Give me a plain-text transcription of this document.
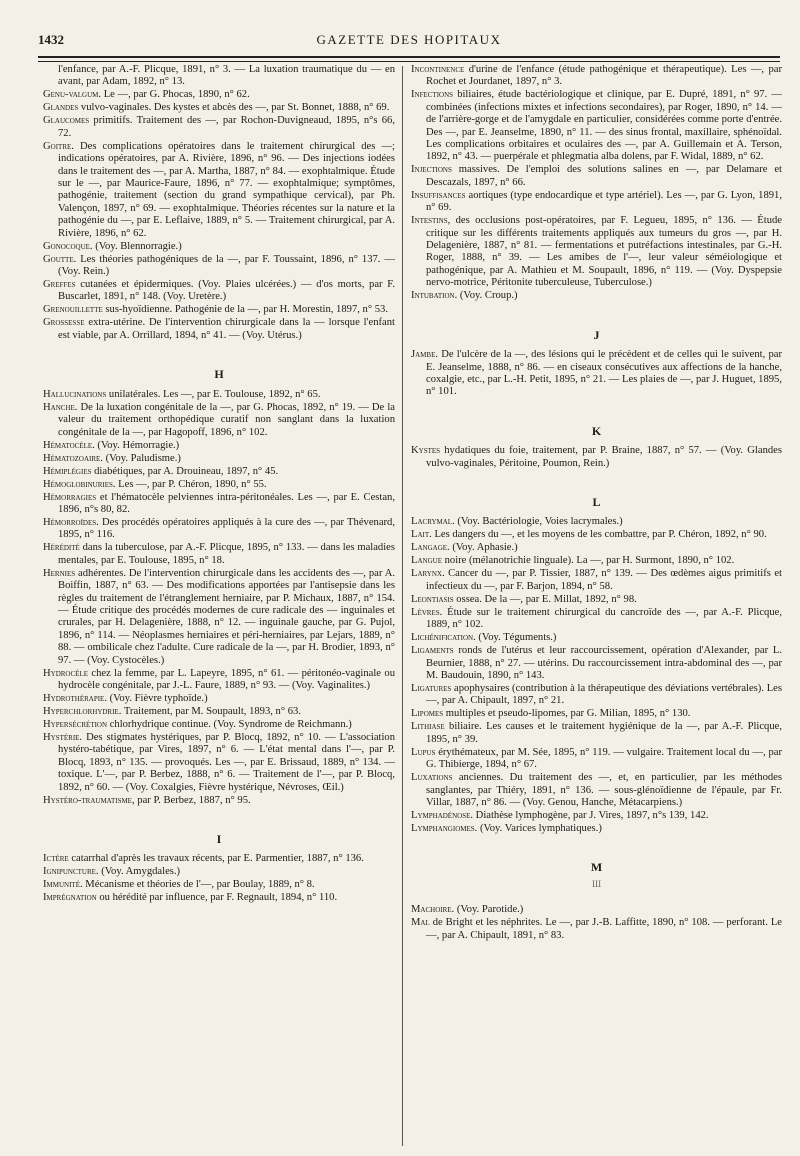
1432	GAZETTE DES HOPITAUX

l'enfance, par A.-F. Plicque, 1891, n° 3. — La luxation traumatique du — en avant, par Adam, 1892, n° 13.

Genu-valgum. Le —, par G. Phocas, 1890, n° 62.

Glandes vulvo-vaginales. Des kystes et abcès des —, par St. Bonnet, 1888, n° 69.

Glaucomes primitifs. Traitement des —, par Rochon-Duvigneaud, 1895, n°s 66, 72.

Goitre. Des complications opératoires dans le traitement chirurgical des —; indications opératoires, par A. Rivière, 1896, n° 96. — Des injections iodées dans le traitement des —, par A. Martha, 1887, n° 84. — exophtalmique. Étude sur le —, par Maurice-Faure, 1896, n° 77. — exophtalmique; symptômes, pathogénie, traitement (section du grand sympathique cervical), par Ph. Valençon, 1897, n° 69. — exophtalmique. Théories récentes sur la nature et la pathogénie du —, par E. Leflaive, 1889, n° 5. — Traitement chirurgical, par A. Rivière, 1896, n° 62.

Gonocoque. (Voy. Blennorragie.)

Goutte. Les théories pathogéniques de la —, par F. Toussaint, 1896, n° 137. — (Voy. Rein.)

Greffes cutanées et épidermiques. (Voy. Plaies ulcérées.) — d'os morts, par F. Buscarlet, 1891, n° 148. (Voy. Uretère.)

Grenouillette sus-hyoïdienne. Pathogénie de la —, par H. Morestin, 1897, n° 53.

Grossesse extra-utérine. De l'intervention chirurgicale dans la — lorsque l'enfant est viable, par A. Orrillard, 1894, n° 41. — (Voy. Utérus.)

H

Hallucinations unilatérales. Les —, par E. Toulouse, 1892, n° 65.

Hanche. De la luxation congénitale de la —, par G. Phocas, 1892, n° 19. — De la valeur du traitement orthopédique curatif non sanglant dans la luxation congénitale de la —, par Hagopoff, 1896, n° 102.

Hématocèle. (Voy. Hémorragie.)

Hématozoaire. (Voy. Paludisme.)

Hémiplégies diabétiques, par A. Drouineau, 1897, n° 45.

Hémoglobinuries. Les —, par P. Chéron, 1890, n° 55.

Hémorragies et l'hématocèle pelviennes intra-péritonéales. Les —, par E. Cestan, 1896, n°s 80, 82.

Hémorroïdes. Des procédés opératoires appliqués à la cure des —, par Thévenard, 1895, n° 116.

Hérédité dans la tuberculose, par A.-F. Plicque, 1895, n° 133. — dans les maladies mentales, par E. Toulouse, 1895, n° 18.

Hernies adhérentes. De l'intervention chirurgicale dans les accidents des —, par A. Boiffin, 1887, n° 63. — Des modifications apportées par l'antisepsie dans les règles du traitement de l'étranglement herniaire, par P. Michaux, 1887, n° 154. — Étude critique des procédés modernes de cure radicale des — inguinales et crurales, par H. Delagenière, 1888, n° 12. — inguinale gauche, par G. Pujol, 1896, n° 114. — Néoplasmes herniaires et péri-herniaires, par Lejars, 1889, n° 88. — ombilicale chez l'adulte. Cure radicale de la —, par H. Brodier, 1893, n° 97. — (Voy. Cystocèles.)

Hydrocèle chez la femme, par L. Lapeyre, 1895, n° 61. — péritonéo-vaginale ou hydrocèle congénitale, par J.-L. Faure, 1889, n° 93. — (Voy. Vaginalites.)

Hydrothérapie. (Voy. Fièvre typhoïde.)

Hyperchlorhydrie. Traitement, par M. Soupault, 1893, n° 63.

Hypersécrétion chlorhydrique continue. (Voy. Syndrome de Reichmann.)

Hystérie. Des stigmates hystériques, par P. Blocq, 1892, n° 10. — L'association hystéro-tabétique, par Vires, 1897, n° 6. — L'état mental dans l'—, par P. Blocq, 1893, n° 135. — provoqués. Les —, par E. Brissaud, 1889, n° 134. — toxique. L'—, par P. Berbez, 1888, n° 6. — Traitement de l'—, par P. Blocq, 1892, n° 60. — (Voy. Coxalgies, Fièvre hystérique, Névroses, Œil.)

Hystéro-traumatisme, par P. Berbez, 1887, n° 95.

I

Ictère catarrhal d'après les travaux récents, par E. Parmentier, 1887, n° 136.

Ignipuncture. (Voy. Amygdales.)

Immunité. Mécanisme et théories de l'—, par Boulay, 1889, n° 8.

Imprégnation ou hérédité par influence, par F. Regnault, 1894, n° 110.

Incontinence d'urine de l'enfance (étude pathogénique et thérapeutique). Les —, par Rochet et Jourdanet, 1897, n° 3.

Infections biliaires, étude bactériologique et clinique, par E. Dupré, 1891, n° 97. — combinées (infections mixtes et infections secondaires), par Roger, 1890, n° 14. — de l'arrière-gorge et de l'amygdale en particulier, considérées comme porte d'entrée. Des —, par E. Jeanselme, 1890, n° 11. — des sinus frontal, maxillaire, sphénoïdal. Les complications orbitaires et oculaires des —, par A. Guillemain et A. Terson, 1892, n° 43. — puerpérale et phlegmatia alba dolens, par F. Widal, 1889, n° 62.

Injections massives. De l'emploi des solutions salines en —, par Delamare et Descazals, 1897, n° 66.

Insuffisances aortiques (type endocardique et type artériel). Les —, par G. Lyon, 1891, n° 69.

Intestins, des occlusions post-opératoires, par F. Legueu, 1895, n° 136. — Étude critique sur les différents traitements appliqués aux tumeurs du gros —, par H. Delagenière, 1887, n° 81. — fermentations et putréfactions intestinales, par G.-H. Roger, 1888, n° 39. — Les amibes de l'—, leur valeur séméiologique et pathogénique, par A. Mathieu et M. Soupault, 1896, n° 119. — (Voy. Dyspepsie nervo-motrice, Péritonite tuberculeuse, Tuberculose.)

Intubation. (Voy. Croup.)

J

Jambe. De l'ulcère de la —, des lésions qui le précèdent et de celles qui le suivent, par E. Jeanselme, 1888, n° 86. — en ciseaux consécutives aux affections de la hanche, coxalgie, etc., par L.-H. Petit, 1895, n° 21. — Les plaies de —, par J. Huguet, 1895, n° 101.

K

Kystes hydatiques du foie, traitement, par P. Braine, 1887, n° 57. — (Voy. Glandes vulvo-vaginales, Péritoine, Poumon, Rein.)

L

Lacrymal. (Voy. Bactériologie, Voies lacrymales.)

Lait. Les dangers du —, et les moyens de les combattre, par P. Chéron, 1892, n° 90.

Langage. (Voy. Aphasie.)

Langue noire (mélanotrichie linguale). La —, par H. Surmont, 1890, n° 102.

Larynx. Cancer du —, par P. Tissier, 1887, n° 139. — Des œdèmes aigus primitifs et infectieux du —, par F. Barjon, 1894, n° 58.

Leontiasis ossea. De la —, par E. Millat, 1892, n° 98.

Lèvres. Étude sur le traitement chirurgical du cancroïde des —, par A.-F. Plicque, 1889, n° 102.

Lichénification. (Voy. Téguments.)

Ligaments ronds de l'utérus et leur raccourcissement, opération d'Alexander, par L. Beurnier, 1888, n° 27. — utérins. Du raccourcissement intra-abdominal des —, par M. Baudouin, 1890, n° 143.

Ligatures apophysaires (contribution à la thérapeutique des déviations vertébrales). Les —, par A. Chipault, 1897, n° 21.

Lipomes multiples et pseudo-lipomes, par G. Milian, 1895, n° 130.

Lithiase biliaire. Les causes et le traitement hygiénique de la —, par A.-F. Plicque, 1895, n° 39.

Lupus érythémateux, par M. Sée, 1895, n° 119. — vulgaire. Traitement local du —, par G. Thibierge, 1894, n° 67.

Luxations anciennes. Du traitement des —, et, en particulier, par les méthodes sanglantes, par Thiéry, 1891, n° 136. — sous-glénoïdienne de l'épaule, par Fr. Villar, 1887, n° 86. — (Voy. Genou, Hanche, Métacarpiens.)

Lymphadénose. Diathèse lymphogène, par J. Vires, 1897, n°s 139, 142.

Lymphangiomes. (Voy. Varices lymphatiques.)

M
Ш

Machoire. (Voy. Parotide.)

Mal de Bright et les néphrites. Le —, par J.-B. Laffitte, 1890, n° 108. — perforant. Le —, par A. Chipault, 1891, n° 83.
